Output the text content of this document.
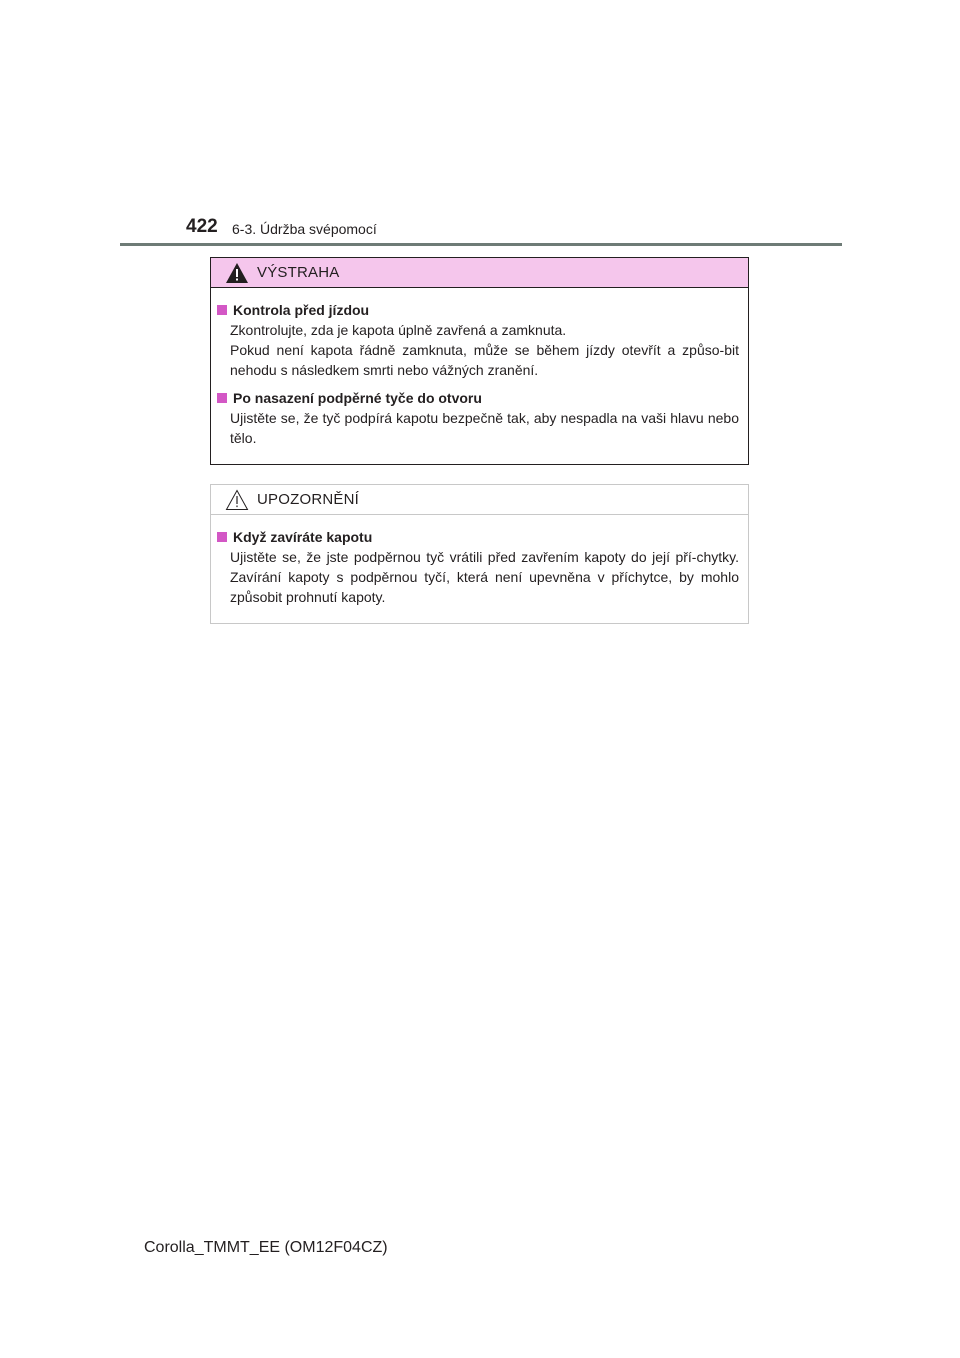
422 6-3. Údržba svépomocí
VÝSTRAHA
Kontrola před jízdou

Zkontrolujte, zda je kapota úplně zavřená a zamknuta.

Pokud není kapota řádně zamknuta, může se během jízdy otevřít a způso-bit nehodu s následkem smrti nebo vážných zranění.

Po nasazení podpěrné tyče do otvoru

Ujistěte se, že tyč podpírá kapotu bezpečně tak, aby nespadla na vaši hlavu nebo tělo.

UPOZORNĚNÍ
Když zavíráte kapotu

Ujistěte se, že jste podpěrnou tyč vrátili před zavřením kapoty do její pří-chytky. Zavírání kapoty s podpěrnou tyčí, která není upevněna v příchytce, by mohlo způsobit prohnutí kapoty.

Corolla_TMMT_EE (OM12F04CZ)
